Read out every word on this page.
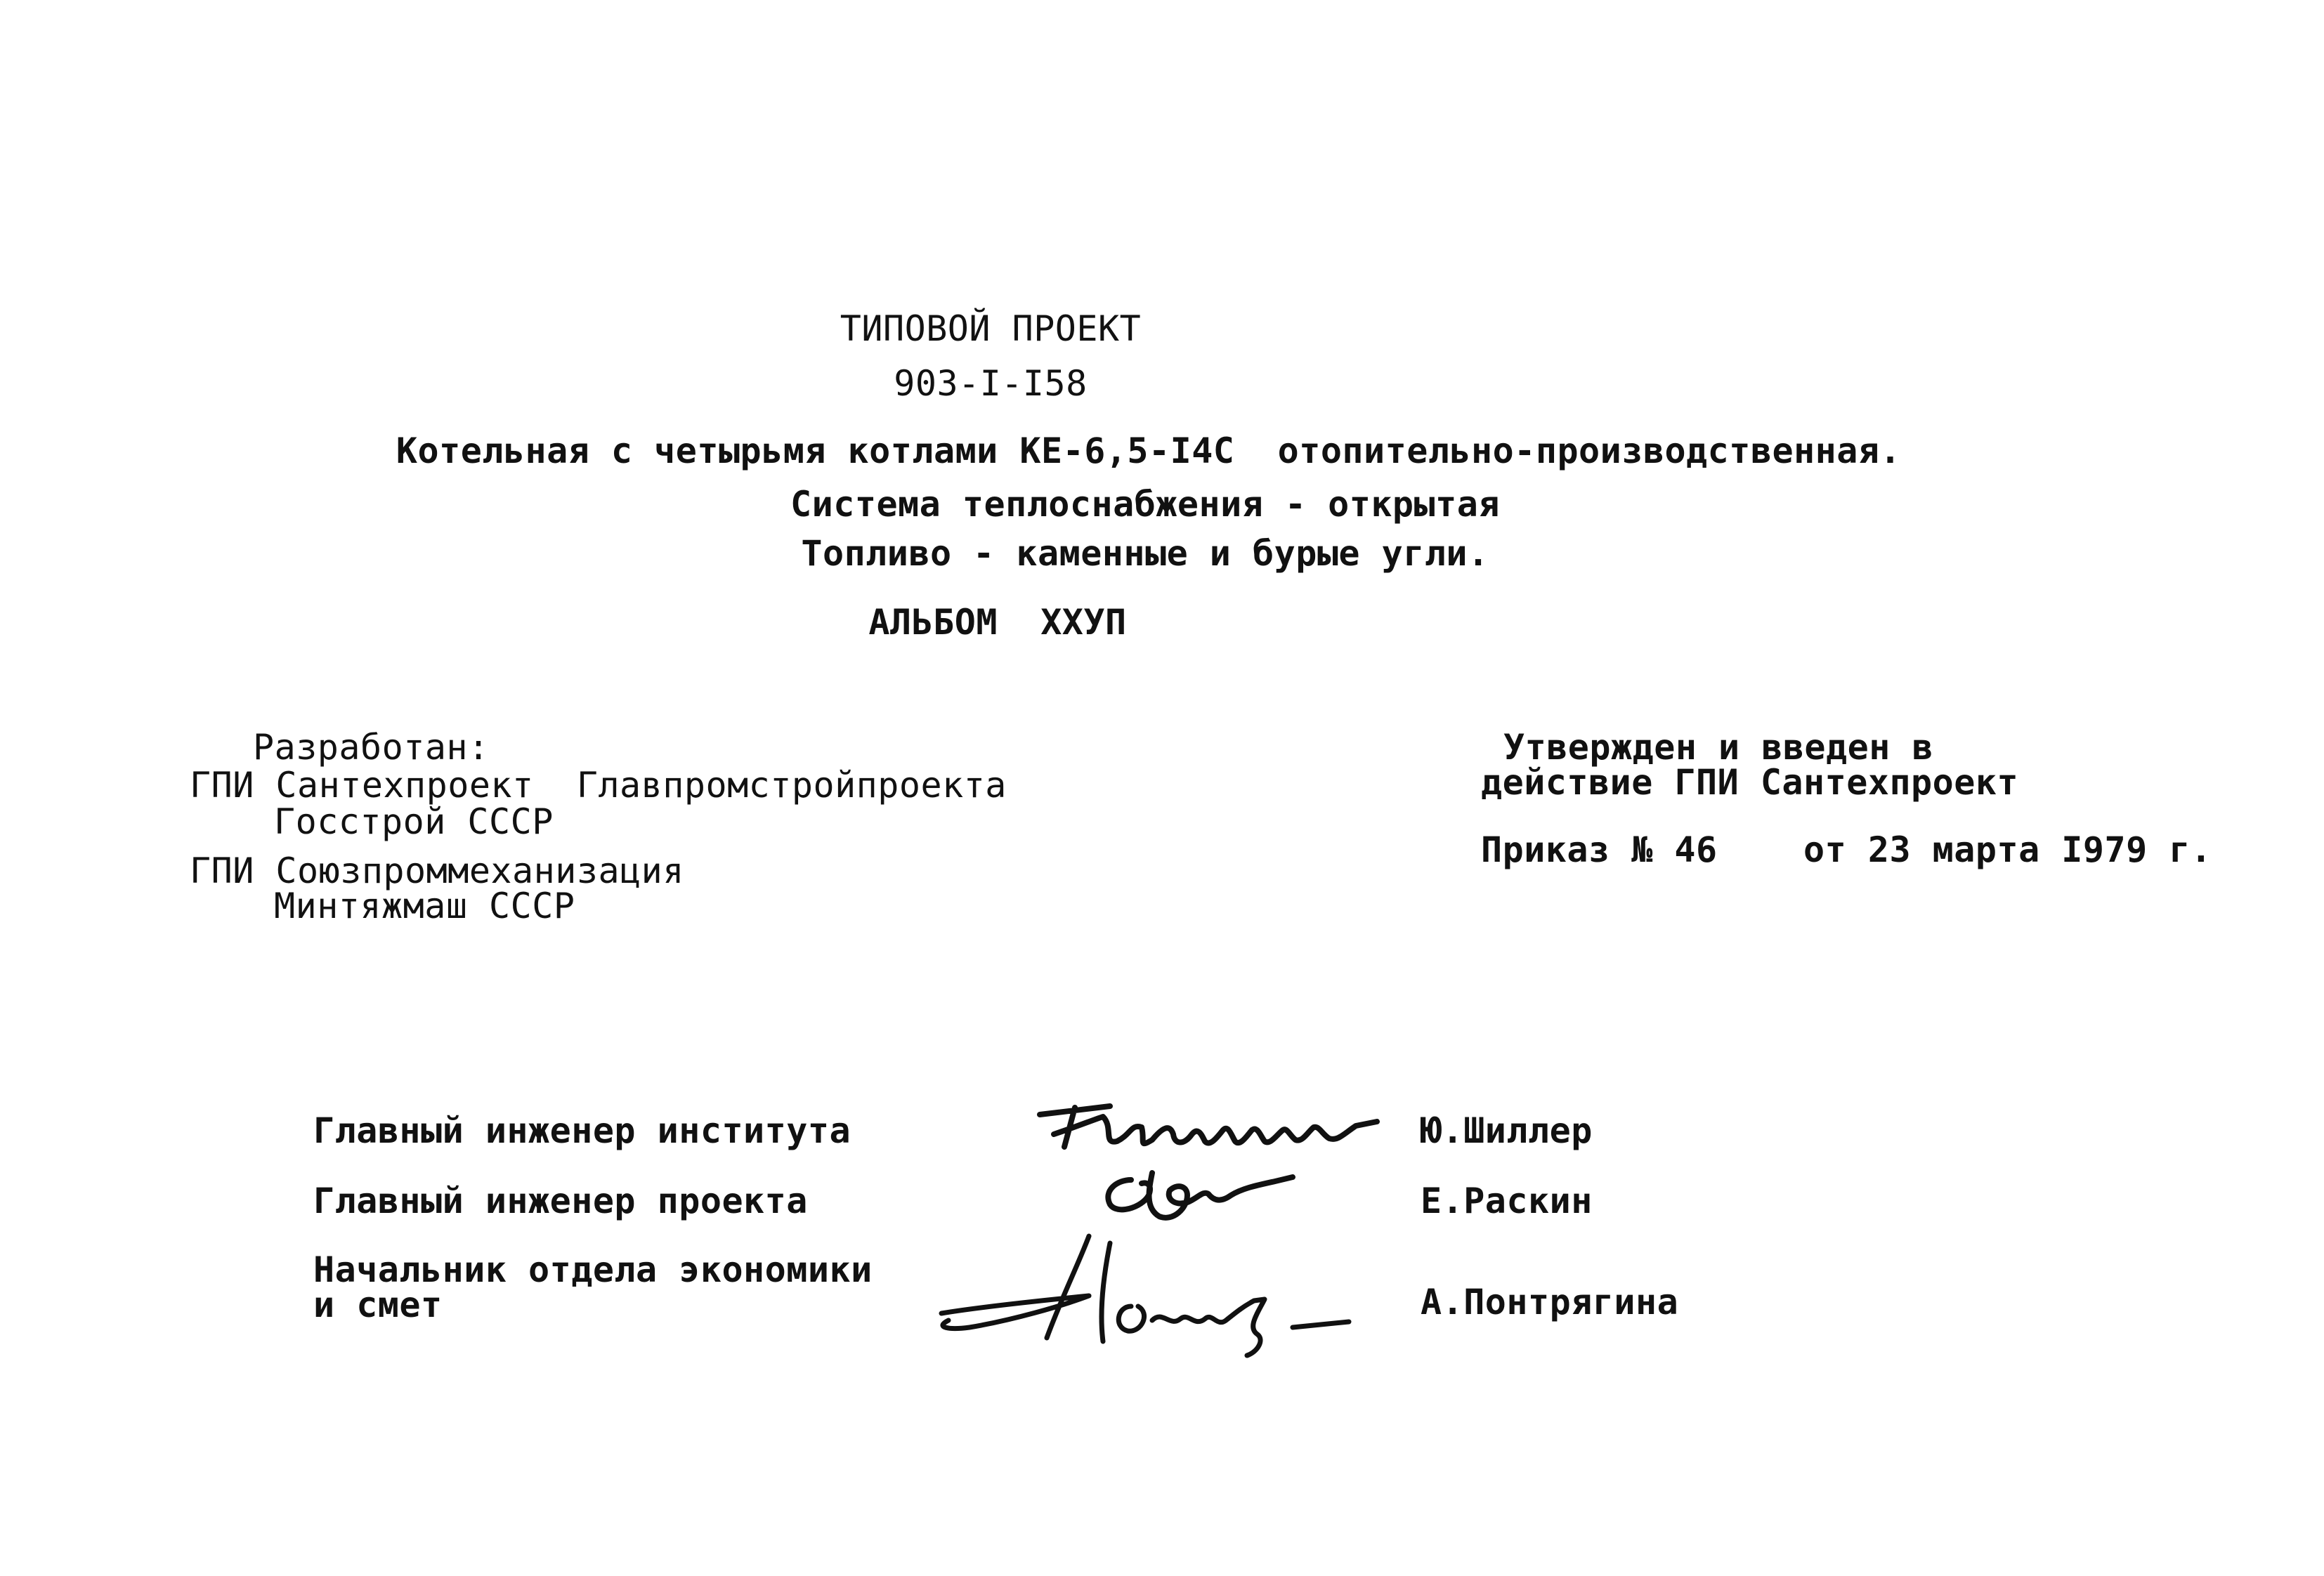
ТИПОВОЙ ПРОЕКТ
903-I-I58
Котельная с четырьмя котлами КЕ-6,5-I4С  отопительно-производственная.
Система теплоснабжения - открытая
Топливо - каменные и бурые угли.
АЛЬБОМ  ХХУП
Разработан:
ГПИ Сантехпроект  Главпромстройпроекта
Госстрой СССР
ГПИ Союзпроммеханизация
Минтяжмаш СССР
Утвержден и введен в
действие ГПИ Сантехпроект
Приказ № 46    от 23 марта I979 г.
Главный инженер института	Ю.Шиллер
Главный инженер проекта	Е.Раскин
Начальник отдела экономики
и смет	А.Понтрягина
